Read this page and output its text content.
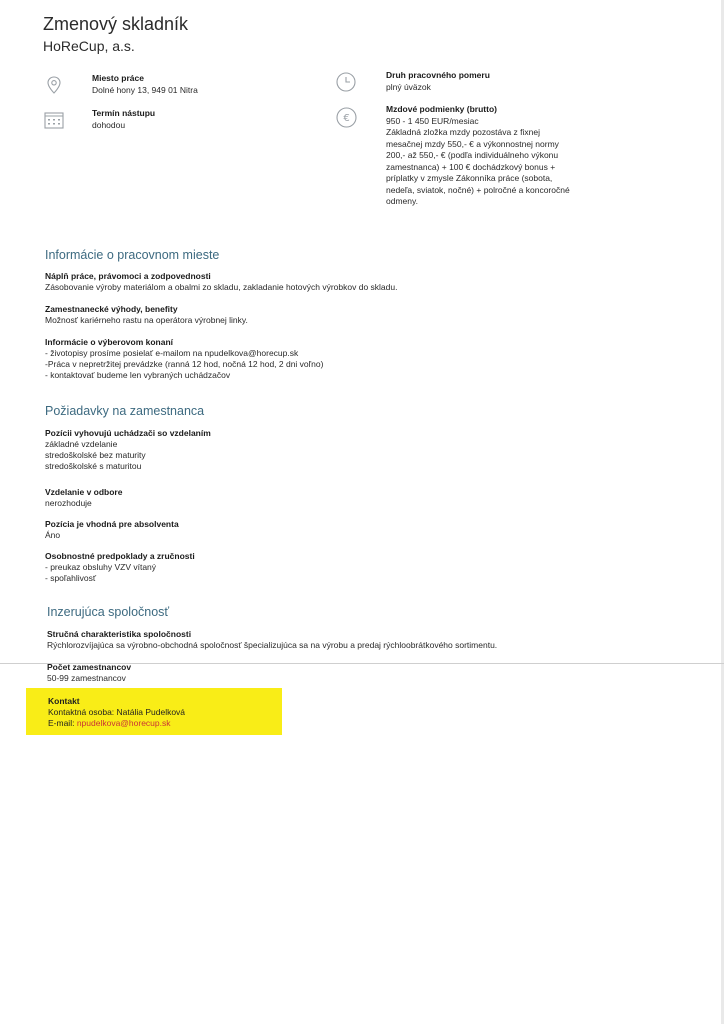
Zmenový skladník
HoReCup, a.s.
€
Miesto práce
Dolné hony 13, 949 01 Nitra
Termín nástupu
dohodou
Druh pracovného pomeru
plný úväzok
Mzdové podmienky (brutto)
950 - 1 450 EUR/mesiac
Základná zložka mzdy pozostáva z fixnej
mesačnej mzdy 550,- € a výkonnostnej normy
200,- až 550,- € (podľa individuálneho výkonu
zamestnanca) + 100 € dochádzkový bonus +
príplatky v zmysle Zákonníka práce (sobota,
nedeľa, sviatok, nočné) + polročné a koncoročné
odmeny.
Informácie o pracovnom mieste
Náplň práce, právomoci a zodpovednosti
Zásobovanie výroby materiálom a obalmi zo skladu, zakladanie hotových výrobkov do skladu.
Zamestnanecké výhody, benefity
Možnosť kariérneho rastu na operátora výrobnej linky.
Informácie o výberovom konaní
- životopisy prosíme posielať e-mailom na npudelkova@horecup.sk
-Práca v nepretržitej prevádzke (ranná 12 hod, nočná 12 hod, 2 dni voľno)
- kontaktovať budeme len vybraných uchádzačov
Požiadavky na zamestnanca
Pozícii vyhovujú uchádzači so vzdelaním
základné vzdelanie
stredoškolské bez maturity
stredoškolské s maturitou
Vzdelanie v odbore
nerozhoduje
Pozícia je vhodná pre absolventa
Áno
Osobnostné predpoklady a zručnosti
- preukaz obsluhy VZV vítaný
- spoľahlivosť
Inzerujúca spoločnosť
Stručná charakteristika spoločnosti
Rýchlorozvíjajúca sa výrobno-obchodná spoločnosť špecializujúca sa na výrobu a predaj rýchloobrátkového sortimentu.
Počet zamestnancov
50-99 zamestnancov
Kontakt
Kontaktná osoba: Natália Pudelková
E-mail: npudelkova@horecup.sk
